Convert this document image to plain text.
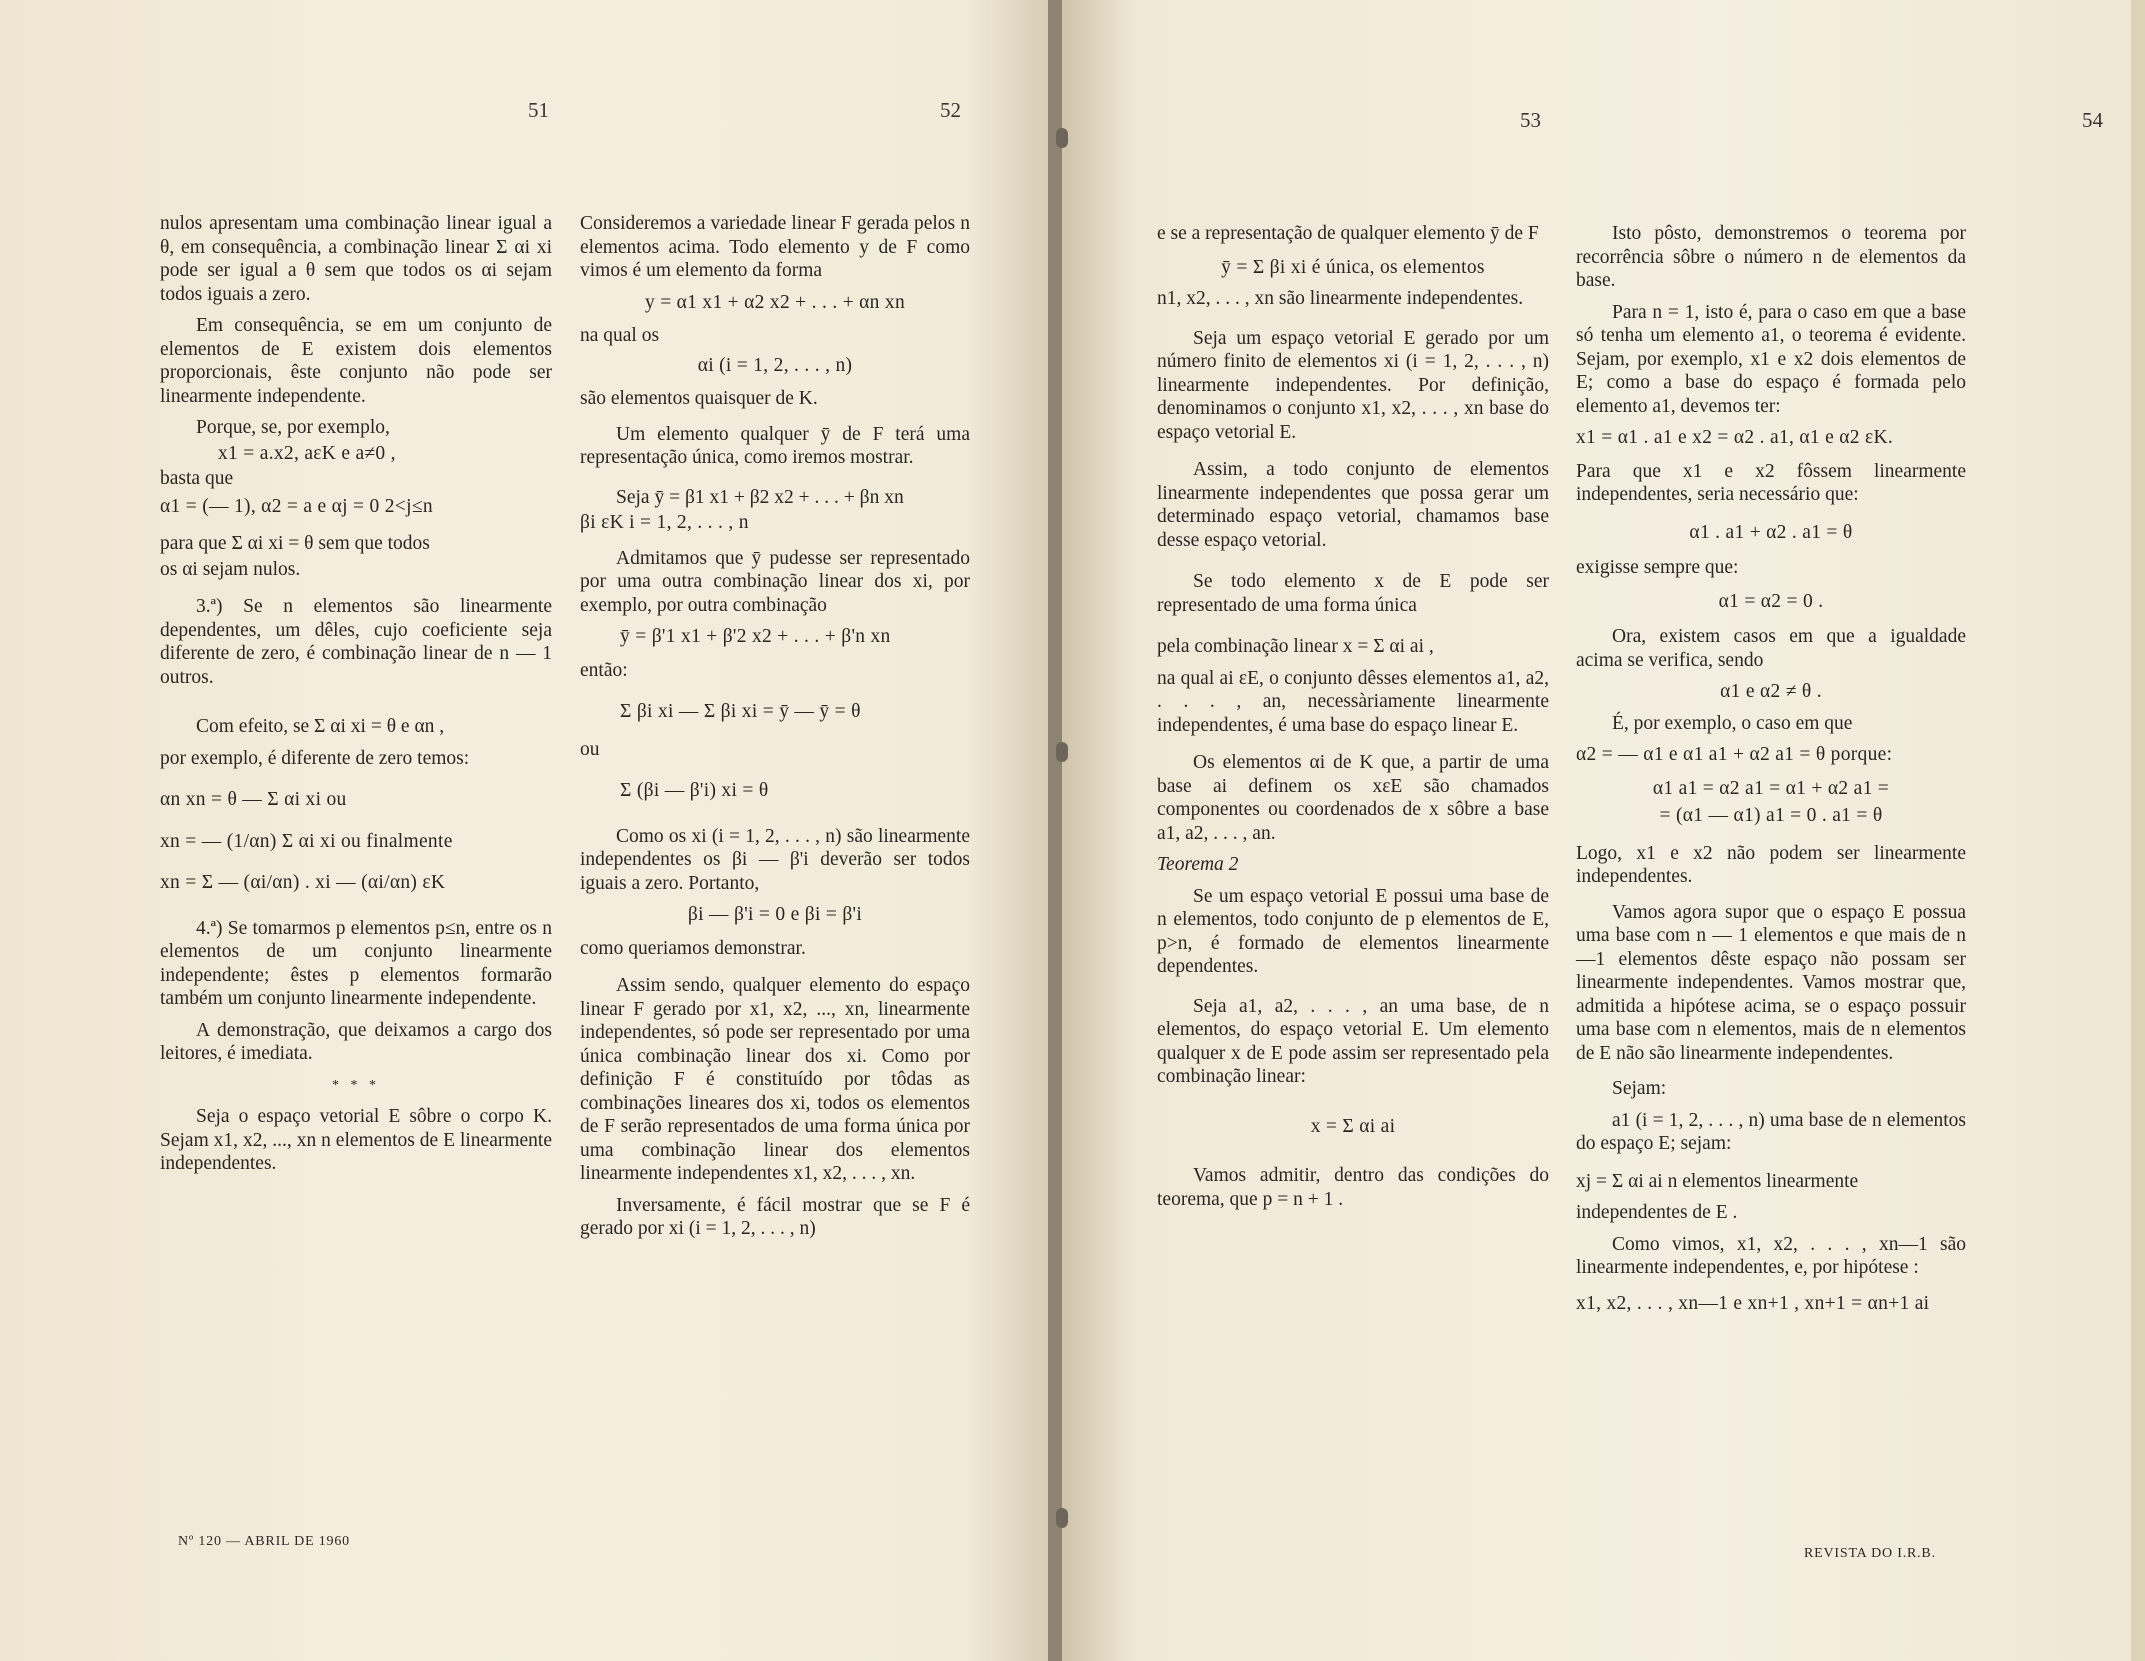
51	52

nulos apresentam uma combinação linear igual a θ, em consequência, a combinação linear Σ αi xi pode ser igual a θ sem que todos os αi sejam todos iguais a zero.

Em consequência, se em um conjunto de elementos de E existem dois elementos proporcionais, êste conjunto não pode ser linearmente independente.

Porque, se, por exemplo,

x1 = a.x2, aεK e a≠0 ,

basta que

α1 = (— 1), α2 = a e αj = 0 2<j≤n

para que Σ αi xi = θ sem que todos

os αi sejam nulos.

3.ª) Se n elementos são linearmente dependentes, um dêles, cujo coeficiente seja diferente de zero, é combinação linear de n — 1 outros.

Com efeito, se Σ αi xi = θ e αn ,

por exemplo, é diferente de zero temos:

αn xn = θ — Σ αi xi ou

xn = — (1/αn) Σ αi xi ou finalmente

xn = Σ — (αi/αn) . xi — (αi/αn) εK

4.ª) Se tomarmos p elementos p≤n, entre os n elementos de um conjunto linearmente independente; êstes p elementos formarão também um conjunto linearmente independente.

A demonstração, que deixamos a cargo dos leitores, é imediata.

* * *

Seja o espaço vetorial E sôbre o corpo K. Sejam x1, x2, ..., xn n elementos de E linearmente independentes.

Consideremos a variedade linear F gerada pelos n elementos acima. Todo elemento y de F como vimos é um elemento da forma

y = α1 x1 + α2 x2 + . . . + αn xn

na qual os

αi (i = 1, 2, . . . , n)

são elementos quaisquer de K.

Um elemento qualquer ȳ de F terá uma representação única, como iremos mostrar.

Seja ȳ = β1 x1 + β2 x2 + . . . + βn xn

βi εK i = 1, 2, . . . , n

Admitamos que ȳ pudesse ser representado por uma outra combinação linear dos xi, por exemplo, por outra combinação

ȳ = β'1 x1 + β'2 x2 + . . . + β'n xn

então:

Σ βi xi — Σ βi xi = ȳ — ȳ = θ

ou

Σ (βi — β'i) xi = θ

Como os xi (i = 1, 2, . . . , n) são linearmente independentes os βi — β'i deverão ser todos iguais a zero. Portanto,

βi — β'i = 0 e βi = β'i

como queriamos demonstrar.

Assim sendo, qualquer elemento do espaço linear F gerado por x1, x2, ..., xn, linearmente independentes, só pode ser representado por uma única combinação linear dos xi. Como por definição F é constituído por tôdas as combinações lineares dos xi, todos os elementos de F serão representados de uma forma única por uma combinação linear dos elementos linearmente independentes x1, x2, . . . , xn.

Inversamente, é fácil mostrar que se F é gerado por xi (i = 1, 2, . . . , n)

Nº 120 — ABRIL DE 1960
53	54

e se a representação de qualquer elemento ȳ de F

ȳ = Σ βi xi é única, os elementos

n1, x2, . . . , xn são linearmente independentes.

Seja um espaço vetorial E gerado por um número finito de elementos xi (i = 1, 2, . . . , n) linearmente independentes. Por definição, denominamos o conjunto x1, x2, . . . , xn base do espaço vetorial E.

Assim, a todo conjunto de elementos linearmente independentes que possa gerar um determinado espaço vetorial, chamamos base desse espaço vetorial.

Se todo elemento x de E pode ser representado de uma forma única

pela combinação linear x = Σ αi ai ,

na qual ai εE, o conjunto dêsses elementos a1, a2, . . . , an, necessàriamente linearmente independentes, é uma base do espaço linear E.

Os elementos αi de K que, a partir de uma base ai definem os xεE são chamados componentes ou coordenados de x sôbre a base a1, a2, . . . , an.

Teorema 2

Se um espaço vetorial E possui uma base de n elementos, todo conjunto de p elementos de E, p>n, é formado de elementos linearmente dependentes.

Seja a1, a2, . . . , an uma base, de n elementos, do espaço vetorial E. Um elemento qualquer x de E pode assim ser representado pela combinação linear:

x = Σ αi ai

Vamos admitir, dentro das condições do teorema, que p = n + 1 .

Isto pôsto, demonstremos o teorema por recorrência sôbre o número n de elementos da base.

Para n = 1, isto é, para o caso em que a base só tenha um elemento a1, o teorema é evidente. Sejam, por exemplo, x1 e x2 dois elementos de E; como a base do espaço é formada pelo elemento a1, devemos ter:

x1 = α1 . a1 e x2 = α2 . a1, α1 e α2 εK.

Para que x1 e x2 fôssem linearmente independentes, seria necessário que:

α1 . a1 + α2 . a1 = θ

exigisse sempre que:

α1 = α2 = 0 .

Ora, existem casos em que a igualdade acima se verifica, sendo

α1 e α2 ≠ θ .

É, por exemplo, o caso em que

α2 = — α1 e α1 a1 + α2 a1 = θ porque:

α1 a1 = α2 a1 = α1 + α2 a1 =

= (α1 — α1) a1 = 0 . a1 = θ

Logo, x1 e x2 não podem ser linearmente independentes.

Vamos agora supor que o espaço E possua uma base com n — 1 elementos e que mais de n—1 elementos dêste espaço não possam ser linearmente independentes. Vamos mostrar que, admitida a hipótese acima, se o espaço possuir uma base com n elementos, mais de n elementos de E não são linearmente independentes.

Sejam:

a1 (i = 1, 2, . . . , n) uma base de n elementos do espaço E; sejam:

xj = Σ αi ai n elementos linearmente

independentes de E .

Como vimos, x1, x2, . . . , xn—1 são linearmente independentes, e, por hipótese :

x1, x2, . . . , xn—1 e xn+1 , xn+1 = αn+1 ai

REVISTA DO I.R.B.
